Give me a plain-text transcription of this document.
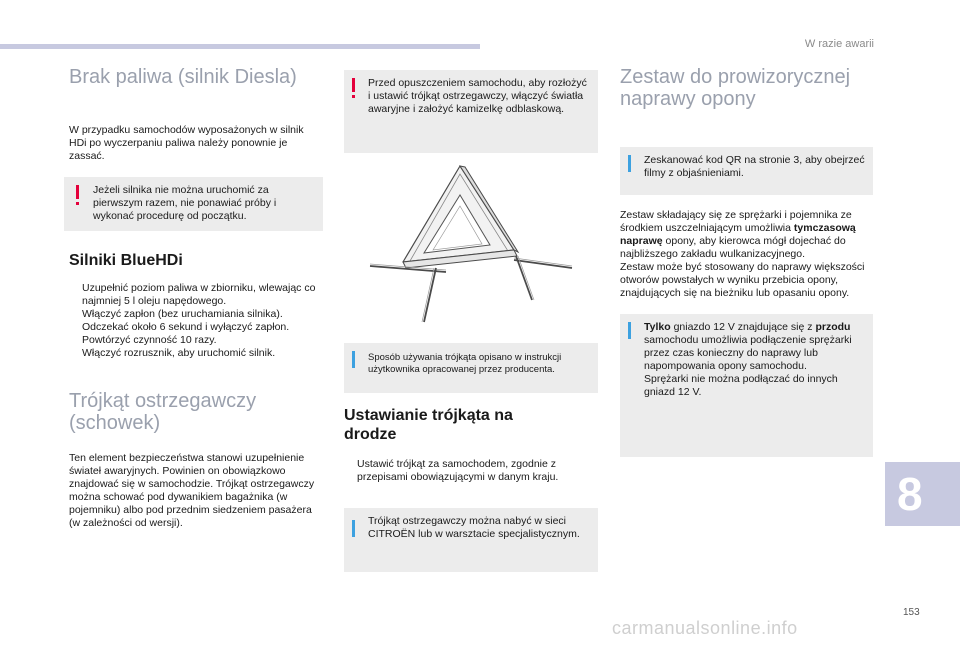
W razie awarii
Brak paliwa (silnik Diesla)

W przypadku samochodów wyposażonych w silnik HDi po wyczerpaniu paliwa należy ponownie je zassać.

Jeżeli silnika nie można uruchomić za pierwszym razem, nie ponawiać próby i wykonać procedurę od początku.
Silniki BlueHDi
Uzupełnić poziom paliwa w zbiorniku, wlewając co najmniej 5 l oleju napędowego.
Włączyć zapłon (bez uruchamiania silnika).
Odczekać około 6 sekund i wyłączyć zapłon.
Powtórzyć czynność 10 razy.
Włączyć rozrusznik, aby uruchomić silnik.
Trójkąt ostrzegawczy
(schowek)

Ten element bezpieczeństwa stanowi uzupełnienie świateł awaryjnych. Powinien on obowiązkowo znajdować się w samochodzie. Trójkąt ostrzegawczy można schować pod dywanikiem bagażnika (w pojemniku) albo pod przednim siedzeniem pasażera (w zależności od wersji).

Przed opuszczeniem samochodu, aby rozłożyć i ustawić trójkąt ostrzegawczy, włączyć światła awaryjne i założyć kamizelkę odblaskową.
Sposób używania trójkąta opisano w instrukcji użytkownika opracowanej przez producenta.
Ustawianie trójkąta na
drodze
Ustawić trójkąt za samochodem, zgodnie z przepisami obowiązującymi w danym kraju.
Trójkąt ostrzegawczy można nabyć w sieci CITROËN lub w warsztacie specjalistycznym.
Zestaw do prowizorycznej
naprawy opony
Zeskanować kod QR na stronie 3, aby obejrzeć filmy z objaśnieniami.

Zestaw składający się ze sprężarki i pojemnika ze środkiem uszczelniającym umożliwia tymczasową naprawę opony, aby kierowca mógł dojechać do najbliższego zakładu wulkanizacyjnego.
Zestaw może być stosowany do naprawy większości otworów powstałych w wyniku przebicia opony, znajdujących się na bieżniku lub opasaniu opony.

Tylko gniazdo 12 V znajdujące się z przodu samochodu umożliwia podłączenie sprężarki przez czas konieczny do naprawy lub napompowania opony samochodu.
Sprężarki nie można podłączać do innych gniazd 12 V.
8
153
carmanualsonline.info
